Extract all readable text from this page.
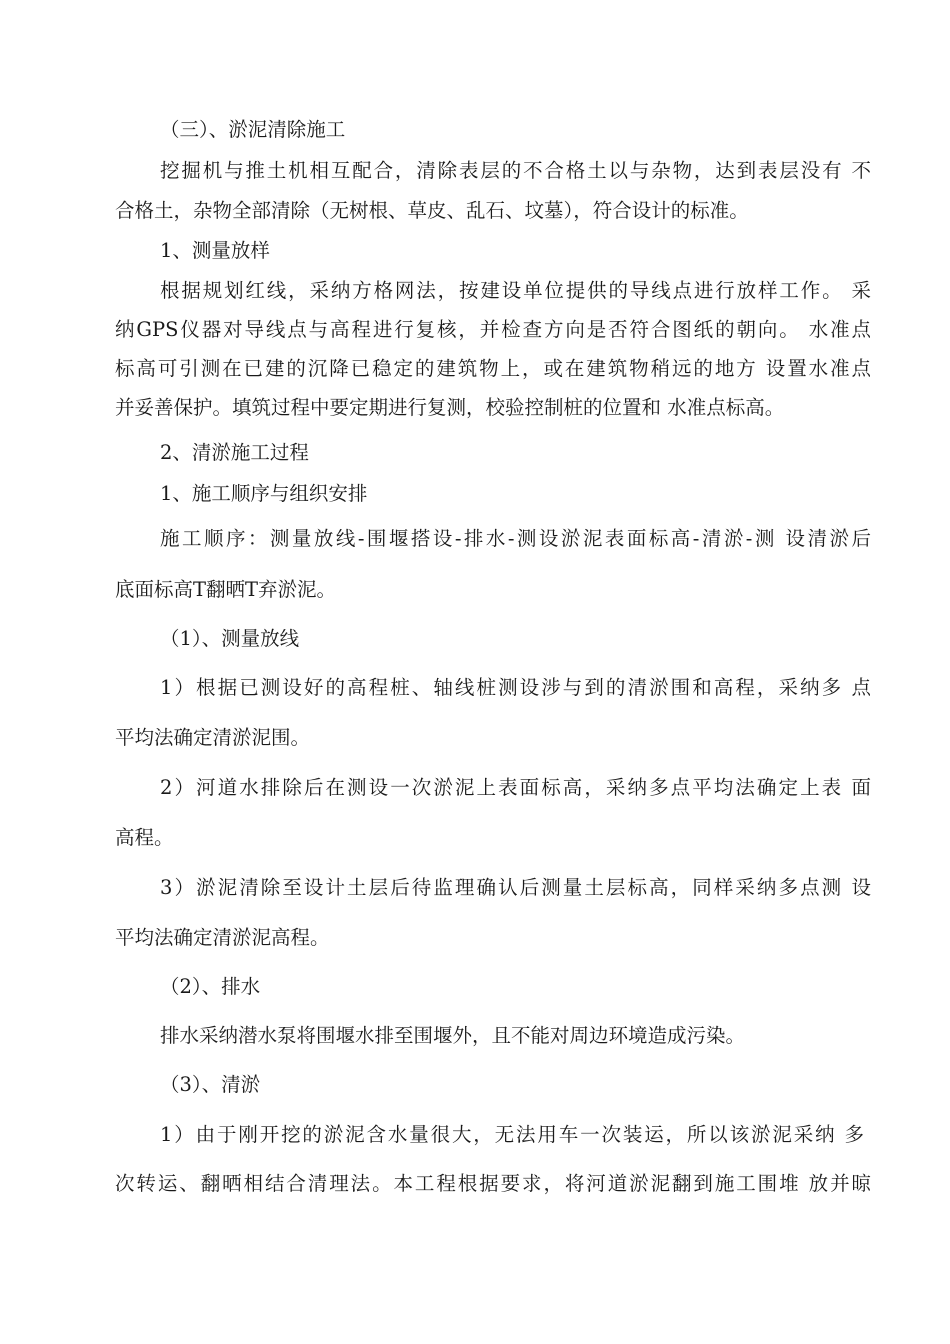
（三）、淤泥清除施工
挖掘机与推土机相互配合，清除表层的不合格土以与杂物，达到表层没有 不
合格土，杂物全部清除（无树根、草皮、乱石、坟墓），符合设计的标准。
1、测量放样
根据规划红线，采纳方格网法，按建设单位提供的导线点进行放样工作。 采
纳GPS仪器对导线点与高程进行复核，并检查方向是否符合图纸的朝向。 水准点
标高可引测在已建的沉降已稳定的建筑物上，或在建筑物稍远的地方 设置水准点
并妥善保护。填筑过程中要定期进行复测，校验控制桩的位置和 水准点标高。
2、清淤施工过程
1、施工顺序与组织安排
施工顺序：测量放线-围堰搭设-排水-测设淤泥表面标高-清淤-测 设清淤后
底面标高T翻晒T弃淤泥。
（1）、测量放线
1）根据已测设好的高程桩、轴线桩测设涉与到的清淤围和高程，采纳多 点
平均法确定清淤泥围。
2）河道水排除后在测设一次淤泥上表面标高，采纳多点平均法确定上表 面
高程。
3）淤泥清除至设计土层后待监理确认后测量土层标高，同样采纳多点测 设
平均法确定清淤泥高程。
（2）、排水
排水采纳潜水泵将围堰水排至围堰外，且不能对周边环境造成污染。
（3）、清淤
1）由于刚开挖的淤泥含水量很大，无法用车一次装运，所以该淤泥采纳 多
次转运、翻晒相结合清理法。本工程根据要求，将河道淤泥翻到施工围堆 放并晾
